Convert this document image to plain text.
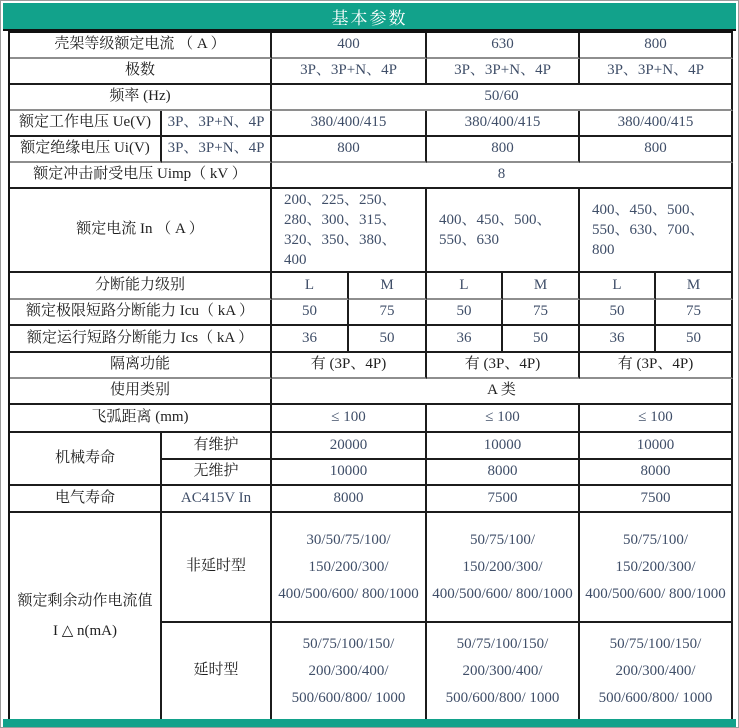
基本参数
壳架等级额定电流 （ A ）		400		630		800	
极数		3P、3P+N、4P		3P、3P+N、4P		3P、3P+N、4P	
频率 (Hz)		50/60					
额定工作电压 Ue(V)	3P、3P+N、4P	380/400/415		380/400/415		380/400/415	
额定绝缘电压 Ui(V)	3P、3P+N、4P	800		800		800	
额定冲击耐受电压 Uimp（ kV ）		8					
额定电流 In （ A ）		200、225、250、 280、300、315、 320、350、380、 400		400、450、500、 550、630		400、450、500、 550、630、700、 800	
分断能力级别		L	M	L	M	L	M
额定极限短路分断能力 Icu（ kA ）		50	75	50	75	50	75
额定运行短路分断能力 Ics（ kA ）		36	50	36	50	36	50
隔离功能		有 (3P、4P)		有 (3P、4P)		有 (3P、4P)	
使用类别		A 类					
飞弧距离 (mm)		≤ 100		≤ 100		≤ 100	
机械寿命	有维护	20000		10000		10000	
	无维护	10000		8000		8000	
电气寿命	AC415V In	8000		7500		7500	

额定剩余动作电流值
I △ n(mA)	非延时型	30/50/75/100/ 150/200/300/ 400/500/600/ 800/1000		50/75/100/ 150/200/300/ 400/500/600/ 800/1000		50/75/100/ 150/200/300/ 400/500/600/ 800/1000	
	延时型	50/75/100/150/ 200/300/400/ 500/600/800/ 1000		50/75/100/150/ 200/300/400/ 500/600/800/ 1000		50/75/100/150/ 200/300/400/ 500/600/800/ 1000	
